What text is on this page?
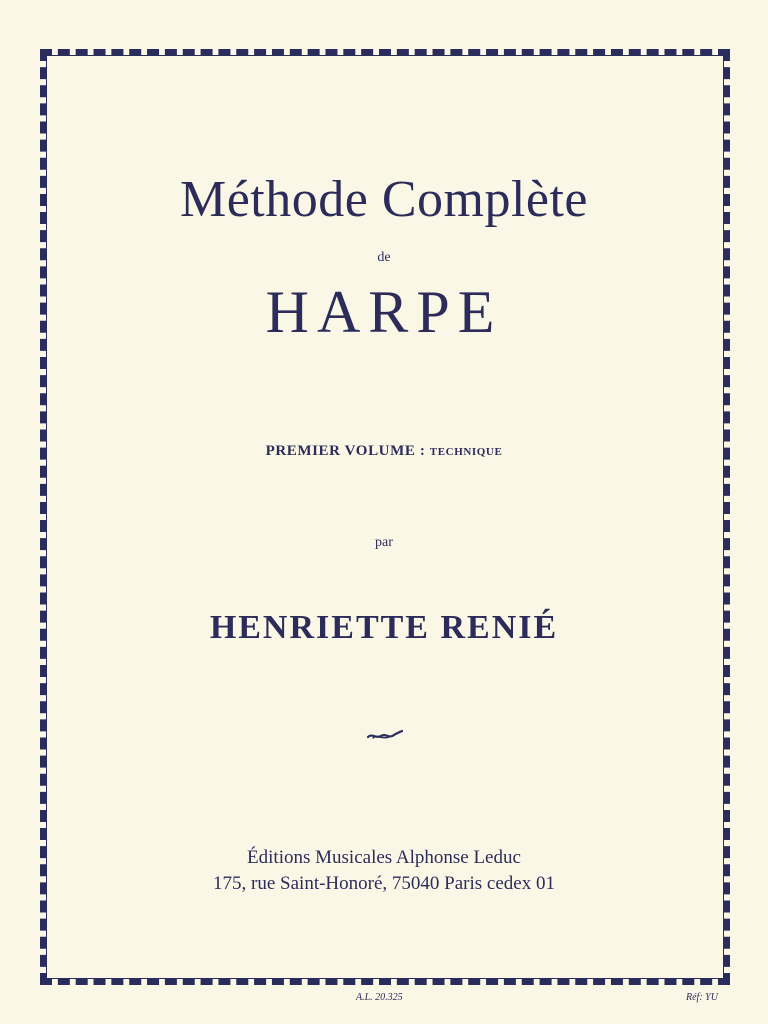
Méthode Complète
de
HARPE
PREMIER VOLUME : TECHNIQUE
par
HENRIETTE RENIÉ
Éditions Musicales Alphonse Leduc
175, rue Saint-Honoré, 75040 Paris cedex 01
A.L. 20.325	Réf: YU
